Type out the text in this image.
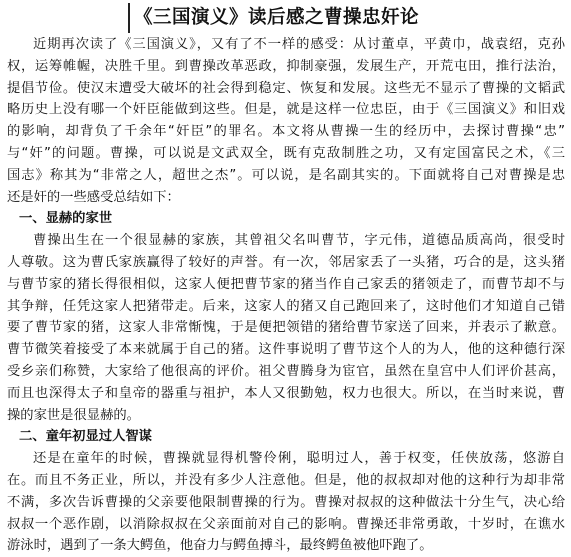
《三国演义》读后感之曹操忠奸论
近期再次读了《三国演义》，又有了不一样的感受：从讨董卓，平黄巾，战袁绍，克孙
权，运筹帷幄，决胜千里。到曹操改革恶政，抑制豪强，发展生产，开荒屯田，推行法治，
提倡节俭。使汉末遭受大破坏的社会得到稳定、恢复和发展。这些无不显示了曹操的文韬武
略历史上没有哪一个奸臣能做到这些。但是，就是这样一位忠臣，由于《三国演义》和旧戏
的影响，却背负了千余年“奸臣”的罪名。本文将从曹操一生的经历中，去探讨曹操“忠”
与“奸”的问题。曹操，可以说是文武双全，既有克敌制胜之功，又有定国富民之术，《三
国志》称其为“非常之人，超世之杰”。可以说，是名副其实的。下面就将自己对曹操是忠
还是奸的一些感受总结如下：
一、显赫的家世
曹操出生在一个很显赫的家族，其曾祖父名叫曹节，字元伟，道德品质高尚，很受时
人尊敬。这为曹氏家族赢得了较好的声誉。有一次，邻居家丢了一头猪，巧合的是，这头猪
与曹节家的猪长得很相似，这家人便把曹节家的猪当作自己家丢的猪领走了，而曹节却不与
其争辩，任凭这家人把猪带走。后来，这家人的猪又自己跑回来了，这时他们才知道自己错
要了曹节家的猪，这家人非常惭愧，于是便把领错的猪给曹节家送了回来，并表示了歉意。
曹节微笑着接受了本来就属于自己的猪。这件事说明了曹节这个人的为人，他的这种德行深
受乡亲们称赞，大家给了他很高的评价。祖父曹腾身为宦官，虽然在皇宫中人们评价甚高，
而且也深得太子和皇帝的器重与祖护，本人又很勤勉，权力也很大。所以，在当时来说，曹
操的家世是很显赫的。
二、童年初显过人智谋
还是在童年的时候，曹操就显得机警伶俐，聪明过人，善于权变，任侠放荡，悠游自
在。而且不务正业，所以，并没有多少人注意他。但是，他的叔叔却对他的这种行为却非常
不满，多次告诉曹操的父亲要他限制曹操的行为。曹操对叔叔的这种做法十分生气，决心给
叔叔一个恶作剧，以消除叔叔在父亲面前对自己的影响。曹操还非常勇敢，十岁时，在谯水
游泳时，遇到了一条大鳄鱼，他奋力与鳄鱼搏斗，最终鳄鱼被他吓跑了。
